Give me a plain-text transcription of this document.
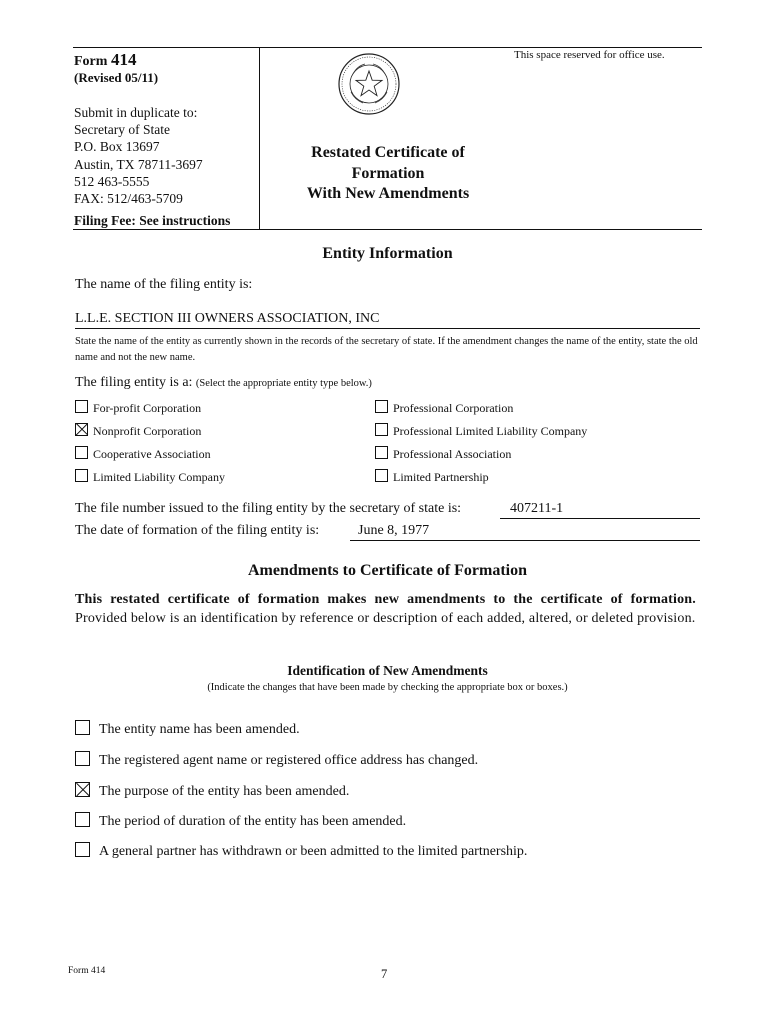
Form 414
(Revised 05/11)
Submit in duplicate to:
Secretary of State
P.O. Box 13697
Austin, TX 78711-3697
512 463-5555
FAX: 512/463-5709
Filing Fee: See instructions
This space reserved for office use.
Restated Certificate of
Formation
With New Amendments
Entity Information
The name of the filing entity is:
L.L.E. SECTION III OWNERS ASSOCIATION, INC
State the name of the entity as currently shown in the records of the secretary of state. If the amendment changes the name of the entity, state the old name and not the new name.
The filing entity is a: (Select the appropriate entity type below.)
For-profit Corporation
Nonprofit Corporation
Cooperative Association
Limited Liability Company
Professional Corporation
Professional Limited Liability Company
Professional Association
Limited Partnership
The file number issued to the filing entity by the secretary of state is:	407211-1
The date of formation of the filing entity is:	June 8, 1977
Amendments to Certificate of Formation
This restated certificate of formation makes new amendments to the certificate of formation. Provided below is an identification by reference or description of each added, altered, or deleted provision.
Identification of New Amendments
(Indicate the changes that have been made by checking the appropriate box or boxes.)
The entity name has been amended.
The registered agent name or registered office address has changed.
The purpose of the entity has been amended.
The period of duration of the entity has been amended.
A general partner has withdrawn or been admitted to the limited partnership.
Form 414	7
